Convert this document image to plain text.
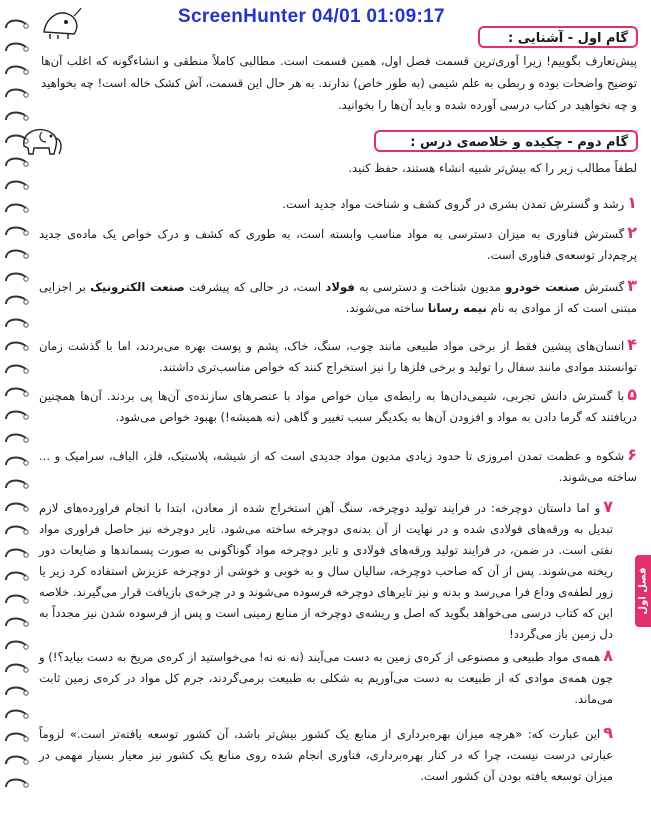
ScreenHunter 04/01 01:09:17
گام اول - آشنایی :
پیش‌تعارف بگوییم! زیرا آوری‌ترین قسمت فصل اول، همین قسمت است. مطالبی کاملاً منطقی و انشاءگونه که اغلب آن‌ها توضیح واضحات بوده و ربطی به علم شیمی (به طور خاص) ندارند. به هر حال این قسمت، آش کشک خاله است! چه بخواهید و چه نخواهید در کتاب درسی آورده شده و باید آن‌ها را بخوانید.
گام دوم - چکیده و خلاصه‌ی درس :
لطفاً مطالب زیر را که بیش‌تر شبیه انشاء هستند، حفظ کنید.
۱رشد و گسترش تمدن بشری در گروی کشف و شناخت مواد جدید است.
۲گسترش فناوری به میزان دسترسی به مواد مناسب وابسته است، به طوری که کشف و درک خواص یک ماده‌ی جدید پرچم‌دار توسعه‌ی فناوری است.
۳گسترش صنعت خودرو مدیون شناخت و دسترسی به فولاد است، در حالی که پیشرفت صنعت الکترونیک بر اجزایی مبتنی است که از موادی به نام نیمه رسانا ساخته می‌شوند.
۴انسان‌های پیشین فقط از برخی مواد طبیعی مانند چوب، سنگ، خاک، پشم و پوست بهره می‌بردند، اما با گذشت زمان توانستند موادی مانند سفال را تولید و برخی فلزها را نیز استخراج کنند که خواص مناسب‌تری داشتند.
۵با گسترش دانش تجربی، شیمی‌دان‌ها به رابطه‌ی میان خواص مواد با عنصرهای سازنده‌ی آن‌ها پی بردند. آن‌ها همچنین دریافتند که گرما دادن به مواد و افزودن آن‌ها به یکدیگر سبب تغییر و گاهی (نه همیشه!) بهبود خواص می‌شود.
۶شکوه و عظمت تمدن امروزی تا حدود زیادی مدیون مواد جدیدی است که از شیشه، پلاستیک، فلز، الیاف، سرامیک و ... ساخته می‌شوند.
۷و اما داستان دوچرخه: در فرایند تولید دوچرخه، سنگ آهن استخراج شده از معادن، ابتدا با انجام فراورده‌های لازم تبدیل به ورقه‌های فولادی شده و در نهایت از آن بدنه‌ی دوچرخه ساخته می‌شود. تایر دوچرخه نیز حاصل فراوری مواد نفتی است. در ضمن، در فرایند تولید ورقه‌های فولادی و تایر دوچرخه مواد گوناگونی به صورت پسماندها و ضایعات دور ریخته می‌شوند. پس از آن که صاحب دوچرخه، سالیان سال و به خوبی و خوشی از دوچرخه عزیزش استفاده کرد زیر یا زور لطفه‌ی وداع فرا می‌رسد و بدنه و نیز تایرهای دوچرخه فرسوده می‌شوند و در چرخه‌ی بازیافت قرار می‌گیرند. خلاصه این که کتاب درسی می‌خواهد بگوید که اصل و ریشه‌ی دوچرخه از منابع زمینی است و پس از فرسوده شدن نیز مجدداً به دل زمین باز می‌گردد!
۸همه‌ی مواد طبیعی و مصنوعی از کره‌ی زمین به دست می‌آیند (نه نه نه! می‌خواستید از کره‌ی مریخ به دست بیاید؟!) و چون همه‌ی موادی که از طبیعت به دست می‌آوریم به شکلی به طبیعت برمی‌گردند، جرم کل مواد در کره‌ی زمین ثابت می‌ماند.
۹این عبارت که: «هرچه میزان بهره‌برداری از منابع یک کشور بیش‌تر باشد، آن کشور توسعه یافته‌تر است.» لزوماً عبارتی درست نیست، چرا که در کنار بهره‌برداری، فناوری انجام شده روی منابع یک کشور نیز معیار بسیار مهمی در میزان توسعه یافته بودن آن کشور است.
فصل اول
